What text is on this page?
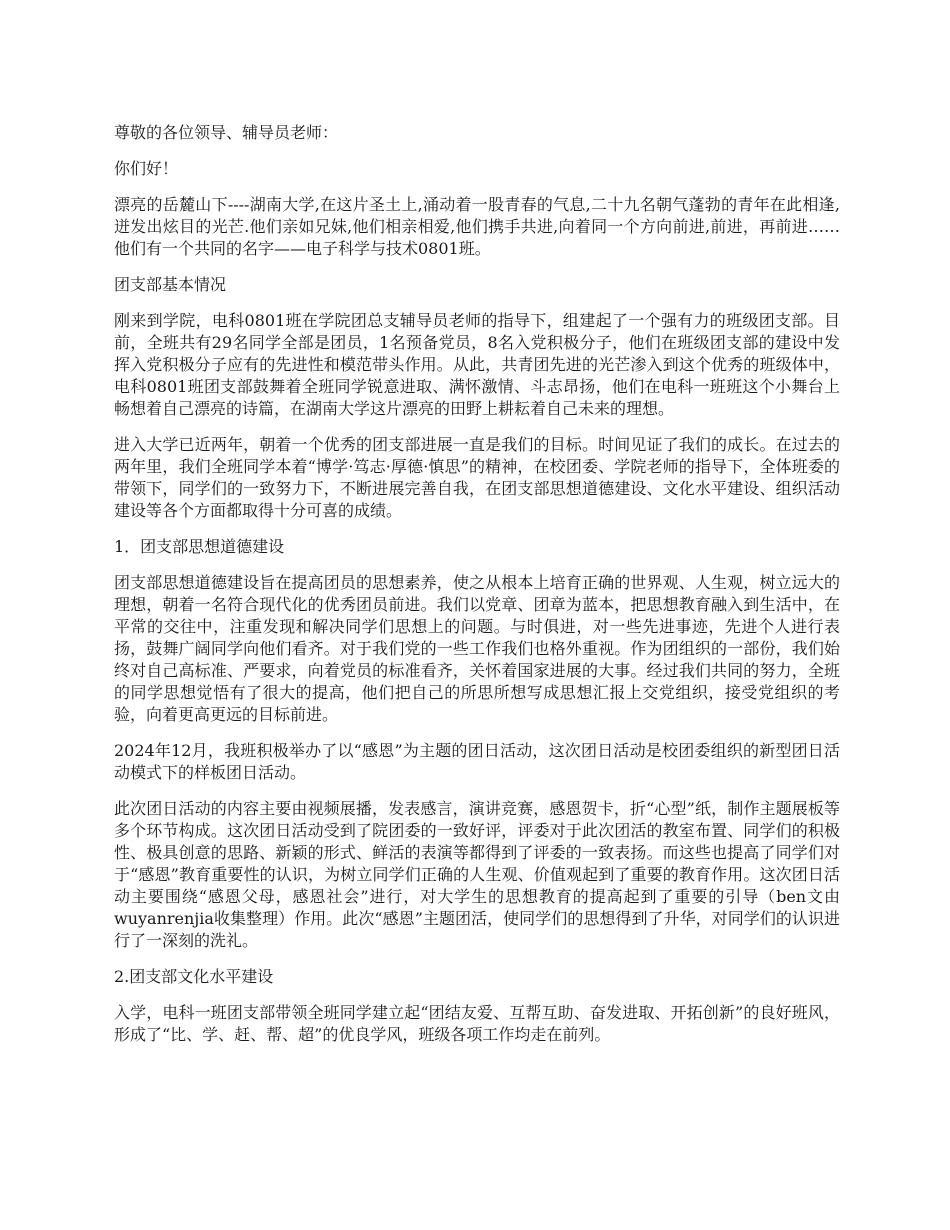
尊敬的各位领导、辅导员老师：

你们好！

漂亮的岳麓山下----湖南大学,在这片圣土上,涌动着一股青春的气息,二十九名朝气蓬勃的青年在此相逢,迸发出炫目的光芒.他们亲如兄妹,他们相亲相爱,他们携手共进,向着同一个方向前进,前进，再前进……他们有一个共同的名字——电子科学与技术0801班。

团支部基本情况

刚来到学院，电科0801班在学院团总支辅导员老师的指导下，组建起了一个强有力的班级团支部。目前，全班共有29名同学全部是团员，1名预备党员，8名入党积极分子，他们在班级团支部的建设中发挥入党积极分子应有的先进性和模范带头作用。从此，共青团先进的光芒渗入到这个优秀的班级体中，电科0801班团支部鼓舞着全班同学锐意进取、满怀激情、斗志昂扬，他们在电科一班班这个小舞台上畅想着自己漂亮的诗篇，在湖南大学这片漂亮的田野上耕耘着自己未来的理想。

进入大学已近两年，朝着一个优秀的团支部进展一直是我们的目标。时间见证了我们的成长。在过去的两年里，我们全班同学本着“博学·笃志·厚德·慎思”的精神，在校团委、学院老师的指导下，全体班委的带领下，同学们的一致努力下，不断进展完善自我，在团支部思想道德建设、文化水平建设、组织活动建设等各个方面都取得十分可喜的成绩。

1．团支部思想道德建设

团支部思想道德建设旨在提高团员的思想素养，使之从根本上培育正确的世界观、人生观，树立远大的理想，朝着一名符合现代化的优秀团员前进。我们以党章、团章为蓝本，把思想教育融入到生活中，在平常的交往中，注重发现和解决同学们思想上的问题。与时俱进，对一些先进事迹，先进个人进行表扬，鼓舞广阔同学向他们看齐。对于我们党的一些工作我们也格外重视。作为团组织的一部份，我们始终对自己高标准、严要求，向着党员的标准看齐，关怀着国家进展的大事。经过我们共同的努力，全班的同学思想觉悟有了很大的提高，他们把自己的所思所想写成思想汇报上交党组织，接受党组织的考验，向着更高更远的目标前进。

2024年12月，我班积极举办了以“感恩”为主题的团日活动，这次团日活动是校团委组织的新型团日活动模式下的样板团日活动。

此次团日活动的内容主要由视频展播，发表感言，演讲竞赛，感恩贺卡，折“心型”纸，制作主题展板等多个环节构成。这次团日活动受到了院团委的一致好评，评委对于此次团活的教室布置、同学们的积极性、极具创意的思路、新颖的形式、鲜活的表演等都得到了评委的一致表扬。而这些也提高了同学们对于“感恩”教育重要性的认识，为树立同学们正确的人生观、价值观起到了重要的教育作用。这次团日活动主要围绕“感恩父母，感恩社会”进行，对大学生的思想教育的提高起到了重要的引导（ben文由wuyanrenjia收集整理）作用。此次“感恩”主题团活，使同学们的思想得到了升华，对同学们的认识进行了一深刻的洗礼。

2.团支部文化水平建设

入学，电科一班团支部带领全班同学建立起“团结友爱、互帮互助、奋发进取、开拓创新”的良好班风，形成了“比、学、赶、帮、超”的优良学风，班级各项工作均走在前列。
